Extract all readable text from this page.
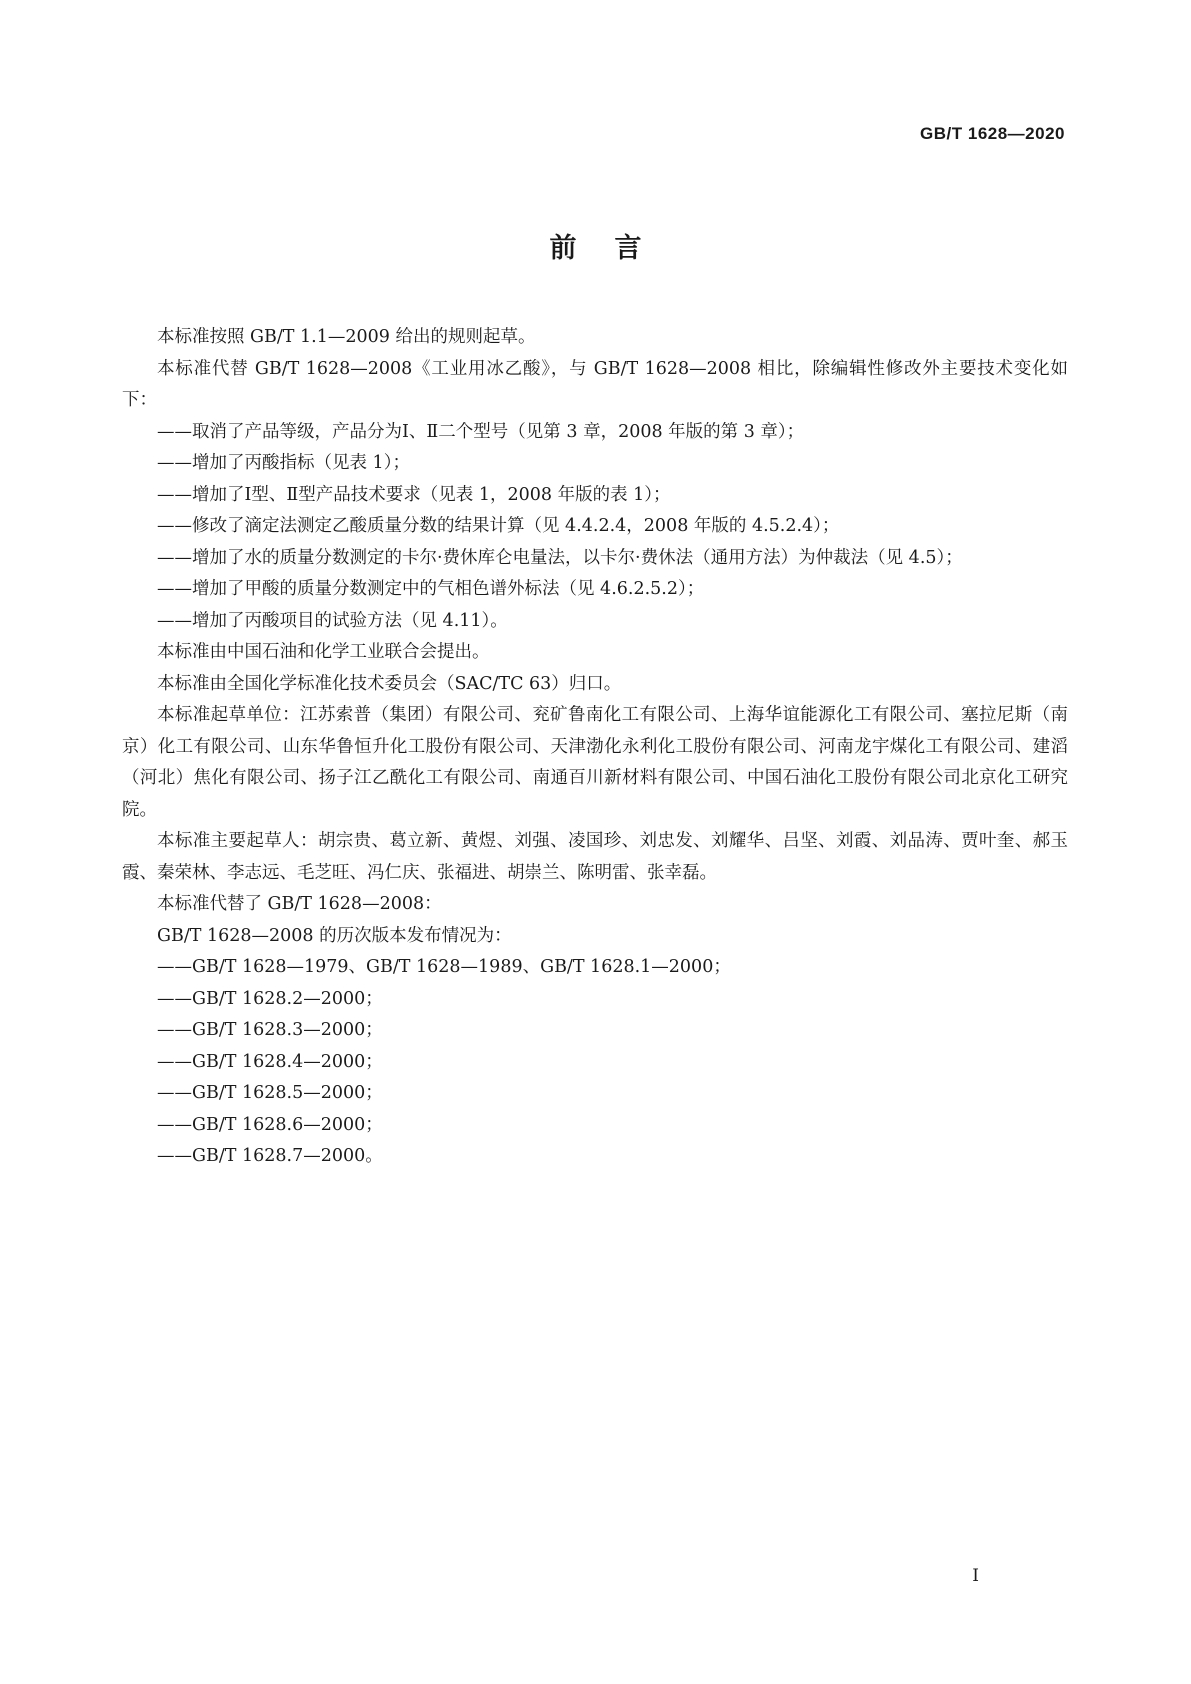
GB/T 1628—2020
前言

本标准按照 GB/T 1.1—2009 给出的规则起草。

本标准代替 GB/T 1628—2008《工业用冰乙酸》，与 GB/T 1628—2008 相比，除编辑性修改外主要技术变化如下：

——取消了产品等级，产品分为Ⅰ、Ⅱ二个型号（见第 3 章，2008 年版的第 3 章）；

——增加了丙酸指标（见表 1）；

——增加了Ⅰ型、Ⅱ型产品技术要求（见表 1，2008 年版的表 1）；

——修改了滴定法测定乙酸质量分数的结果计算（见 4.4.2.4，2008 年版的 4.5.2.4）；

——增加了水的质量分数测定的卡尔·费休库仑电量法，以卡尔·费休法（通用方法）为仲裁法（见 4.5）；

——增加了甲酸的质量分数测定中的气相色谱外标法（见 4.6.2.5.2）；

——增加了丙酸项目的试验方法（见 4.11）。

本标准由中国石油和化学工业联合会提出。

本标准由全国化学标准化技术委员会（SAC/TC 63）归口。

本标准起草单位：江苏索普（集团）有限公司、兖矿鲁南化工有限公司、上海华谊能源化工有限公司、塞拉尼斯（南京）化工有限公司、山东华鲁恒升化工股份有限公司、天津渤化永利化工股份有限公司、河南龙宇煤化工有限公司、建滔（河北）焦化有限公司、扬子江乙酰化工有限公司、南通百川新材料有限公司、中国石油化工股份有限公司北京化工研究院。

本标准主要起草人：胡宗贵、葛立新、黄煜、刘强、凌国珍、刘忠发、刘耀华、吕坚、刘霞、刘品涛、贾叶奎、郝玉霞、秦荣林、李志远、毛芝旺、冯仁庆、张福进、胡崇兰、陈明雷、张幸磊。

本标准代替了 GB/T 1628—2008：

GB/T 1628—2008 的历次版本发布情况为：

——GB/T 1628—1979、GB/T 1628—1989、GB/T 1628.1—2000；

——GB/T 1628.2—2000；

——GB/T 1628.3—2000；

——GB/T 1628.4—2000；

——GB/T 1628.5—2000；

——GB/T 1628.6—2000；

——GB/T 1628.7—2000。

I
